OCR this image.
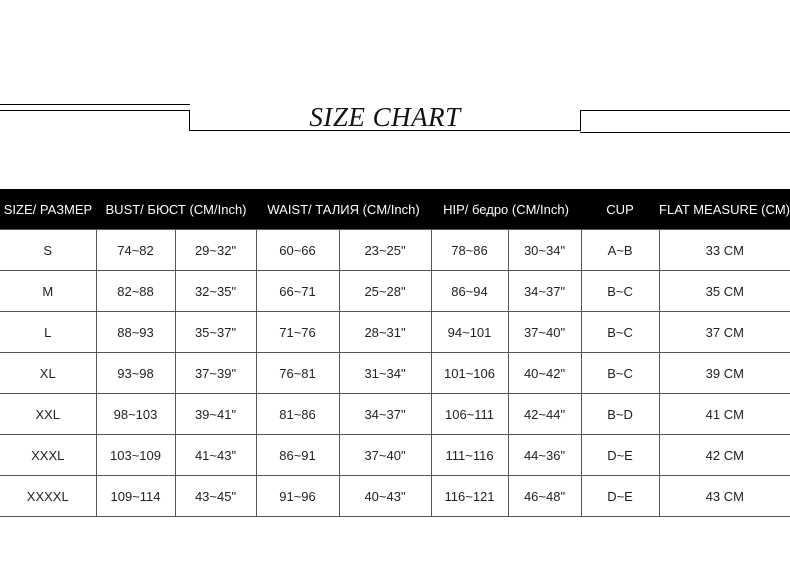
SIZE CHART
SIZE/ РАЗМЕР	BUST/ БЮСТ (CM/Inch)		WAIST/ ТАЛИЯ (CM/Inch)		HIP/ бедро (CM/Inch)		CUP	FLAT MEASURE (CM)
S	74~82	29~32"	60~66	23~25"	78~86	30~34"	A~B	33 CM
M	82~88	32~35"	66~71	25~28"	86~94	34~37"	B~C	35 CM
L	88~93	35~37"	71~76	28~31"	94~101	37~40"	B~C	37 CM
XL	93~98	37~39"	76~81	31~34"	101~106	40~42"	B~C	39 CM
XXL	98~103	39~41"	81~86	34~37"	106~111	42~44"	B~D	41 CM
XXXL	103~109	41~43"	86~91	37~40"	111~116	44~36"	D~E	42 CM
XXXXL	109~114	43~45"	91~96	40~43"	116~121	46~48"	D~E	43 CM
